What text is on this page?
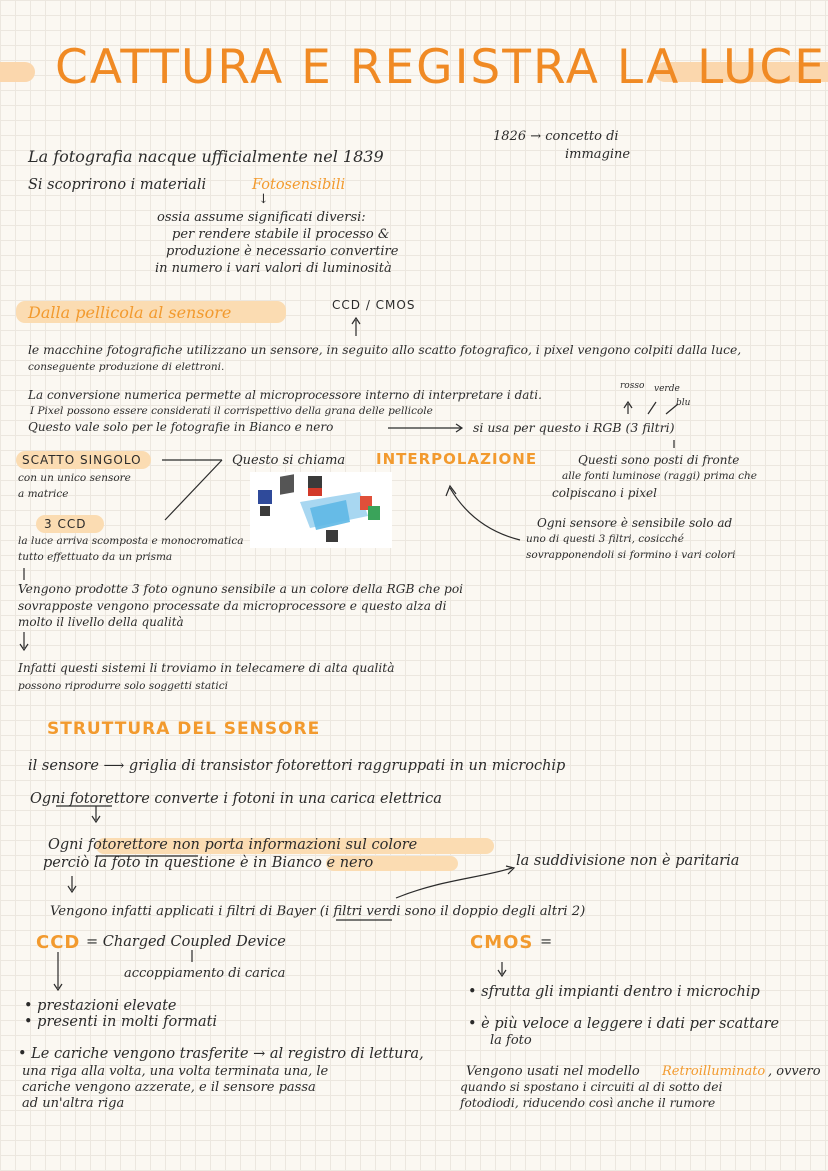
CATTURA E REGISTRA LA LUCE
La fotografia nacque ufficialmente nel 1839
1826 → concetto di
immagine
Si scoprirono i materiali	Fotosensibili
↓
ossia assume significati diversi:
per rendere stabile il processo &
produzione è necessario convertire
in numero i vari valori di luminosità
Dalla pellicola al sensore	CCD / CMOS
le macchine fotografiche utilizzano un sensore, in seguito allo scatto fotografico, i pixel vengono colpiti dalla luce,
conseguente produzione di elettroni.
La conversione numerica permette al microprocessore interno di interpretare i dati.
I Pixel possono essere considerati il corrispettivo della grana delle pellicole
Questo vale solo per le fotografie in Bianco e nero	si usa per questo i RGB (3 filtri)
rosso verde
blu
SCATTO SINGOLO
con un unico sensore
a matrice
Questo si chiama INTERPOLAZIONE	Questi sono posti di fronte
alle fonti luminose (raggi) prima che
colpiscano i pixel
Ogni sensore è sensibile solo ad
uno di questi 3 filtri, cosicché
sovrapponendoli si formino i vari colori
3 CCD
la luce arriva scomposta e monocromatica
tutto effettuato da un prisma
Vengono prodotte 3 foto ognuno sensibile a un colore della RGB che poi
sovrapposte vengono processate da microprocessore e questo alza di
molto il livello della qualità
Infatti questi sistemi li troviamo in telecamere di alta qualità
possono riprodurre solo soggetti statici
STRUTTURA DEL SENSORE
il sensore ⟶ griglia di transistor fotorettori raggruppati in un microchip
Ogni fotorettore converte i fotoni in una carica elettrica
Ogni fotorettore non porta informazioni sul colore
perciò la foto in questione è in Bianco e nero	la suddivisione non è paritaria
Vengono infatti applicati i filtri di Bayer (i filtri verdi sono il doppio degli altri 2)
CCD = Charged Coupled Device
accoppiamento di carica
• prestazioni elevate
• presenti in molti formati
• Le cariche vengono trasferite → al registro di lettura,
una riga alla volta, una volta terminata una, le
cariche vengono azzerate, e il sensore passa
ad un'altra riga
CMOS =
• sfrutta gli impianti dentro i microchip
• è più veloce a leggere i dati per scattare
la foto
Vengono usati nel modello Retroilluminato , ovvero
quando si spostano i circuiti al di sotto dei
fotodiodi, riducendo così anche il rumore
